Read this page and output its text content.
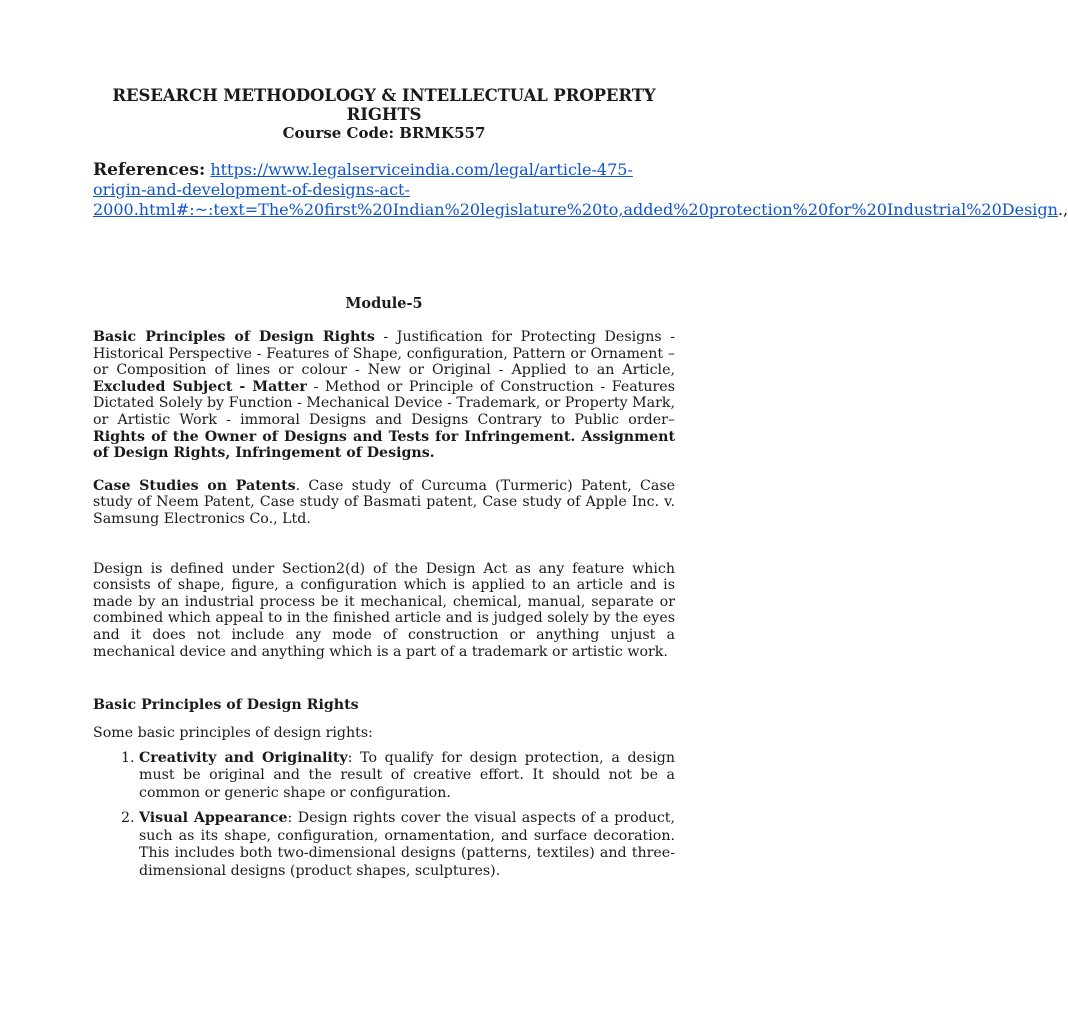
RESEARCH METHODOLOGY & INTELLECTUAL PROPERTY RIGHTS
Course Code: BRMK557
References: https://www.legalserviceindia.com/legal/article-475-origin-and-development-of-designs-act-2000.html#:~:text=The%20first%20Indian%20legislature%20to,added%20protection%20for%20Industrial%20Design.,
Module-5

Basic Principles of Design Rights - Justification for Protecting Designs - Historical Perspective - Features of Shape, configuration, Pattern or Ornament – or Composition of lines or colour - New or Original - Applied to an Article, Excluded Subject - Matter - Method or Principle of Construction - Features Dictated Solely by Function - Mechanical Device - Trademark, or Property Mark, or Artistic Work - immoral Designs and Designs Contrary to Public order–Rights of the Owner of Designs and Tests for Infringement. Assignment of Design Rights, Infringement of Designs.

Case Studies on Patents. Case study of Curcuma (Turmeric) Patent, Case study of Neem Patent, Case study of Basmati patent, Case study of Apple Inc. v. Samsung Electronics Co., Ltd.

Design is defined under Section2(d) of the Design Act as any feature which consists of shape, figure, a configuration which is applied to an article and is made by an industrial process be it mechanical, chemical, manual, separate or combined which appeal to in the finished article and is judged solely by the eyes and it does not include any mode of construction or anything unjust a mechanical device and anything which is a part of a trademark or artistic work.

Basic Principles of Design Rights

Some basic principles of design rights:

1. Creativity and Originality: To qualify for design protection, a design must be original and the result of creative effort. It should not be a common or generic shape or configuration.
2. Visual Appearance: Design rights cover the visual aspects of a product, such as its shape, configuration, ornamentation, and surface decoration. This includes both two-dimensional designs (patterns, textiles) and three-dimensional designs (product shapes, sculptures).
